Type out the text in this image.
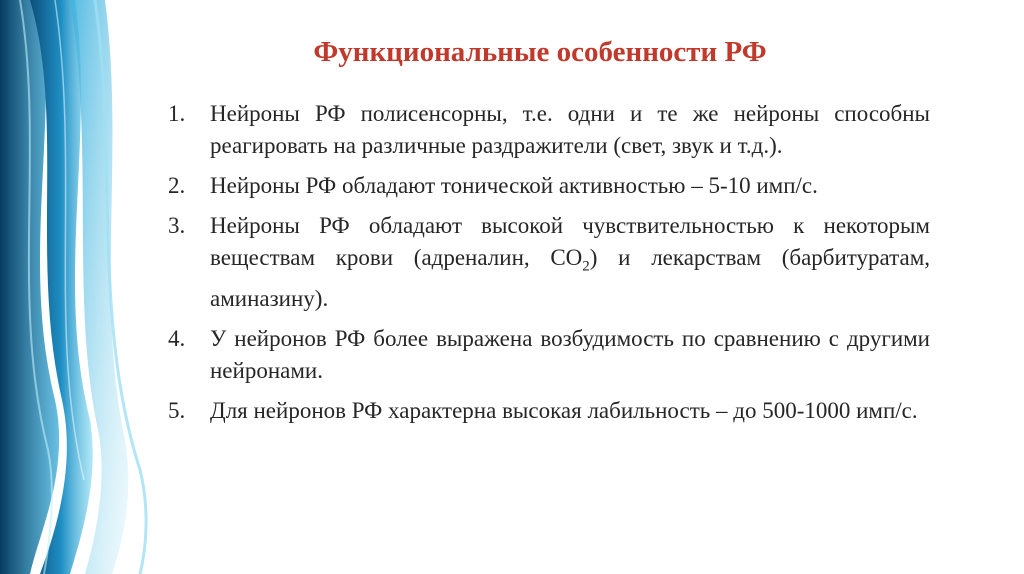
Функциональные особенности РФ
1. Нейроны РФ полисенсорны, т.е. одни и те же нейроны способны реагировать на различные раздражители (свет, звук и т.д.).
2. Нейроны РФ обладают тонической активностью – 5-10 имп/с.
3. Нейроны РФ обладают высокой чувствительностью к некоторым веществам крови (адреналин, $СО_2$) и лекарствам (барбитуратам, аминазину).
4. У нейронов РФ более выражена возбудимость по сравнению с другими нейронами.
5. Для нейронов РФ характерна высокая лабильность – до 500-1000 имп/с.
